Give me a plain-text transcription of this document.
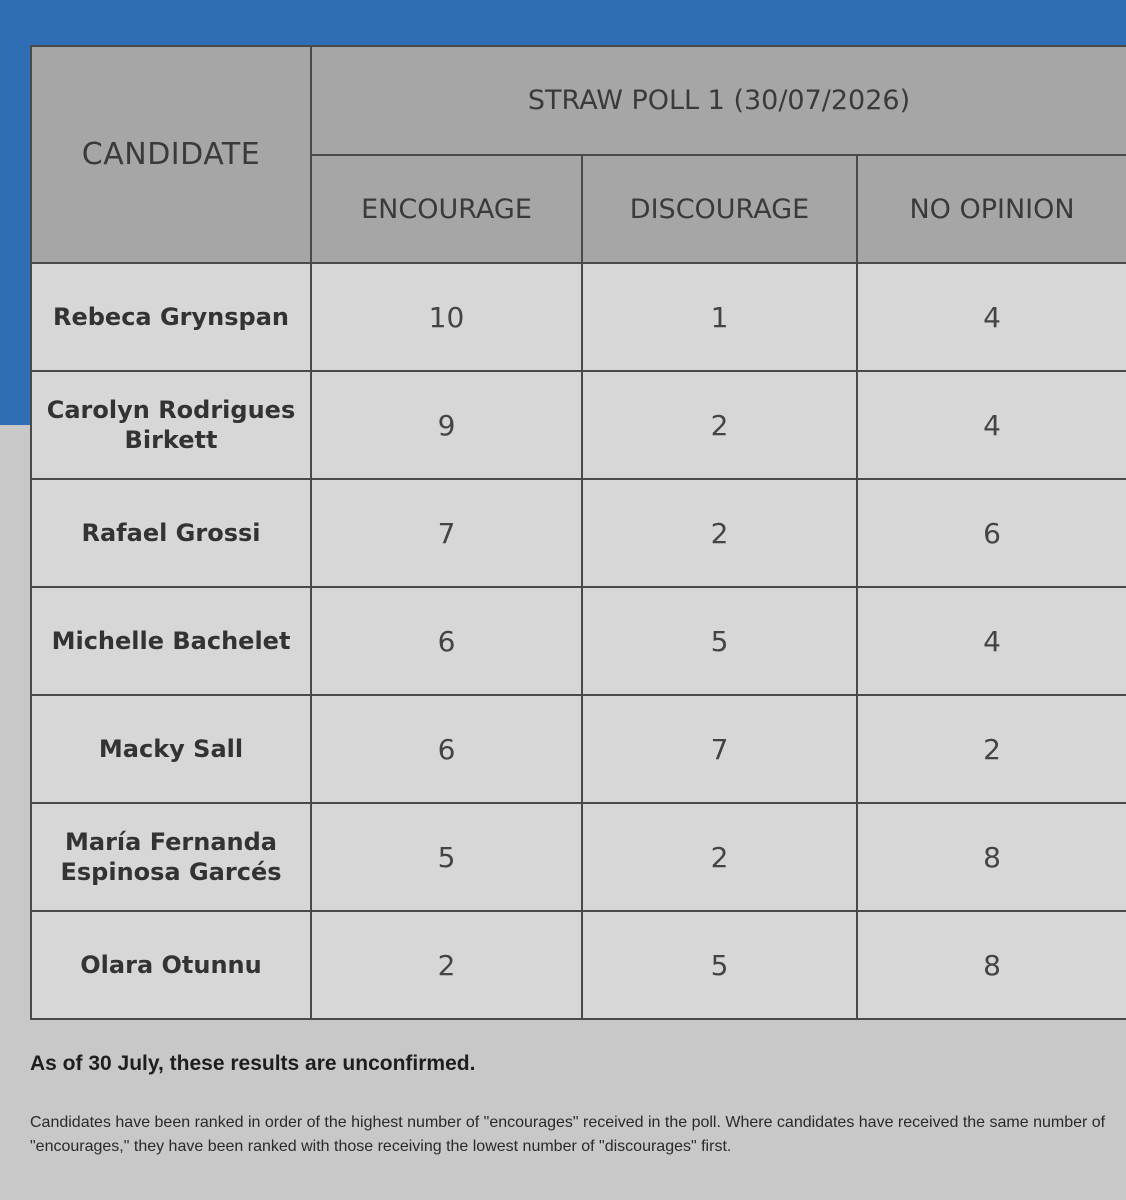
CANDIDATE	STRAW POLL 1 (30/07/2026)		
	ENCOURAGE	DISCOURAGE	NO OPINION
Rebeca Grynspan	10	1	4
Carolyn Rodrigues Birkett	9	2	4
Rafael Grossi	7	2	6
Michelle Bachelet	6	5	4
Macky Sall	6	7	2
María Fernanda Espinosa Garcés	5	2	8
Olara Otunnu	2	5	8

As of 30 July, these results are unconfirmed.

Candidates have been ranked in order of the highest number of "encourages" received in the poll. Where candidates have received the same number of "encourages," they have been ranked with those receiving the lowest number of "discourages" first.
